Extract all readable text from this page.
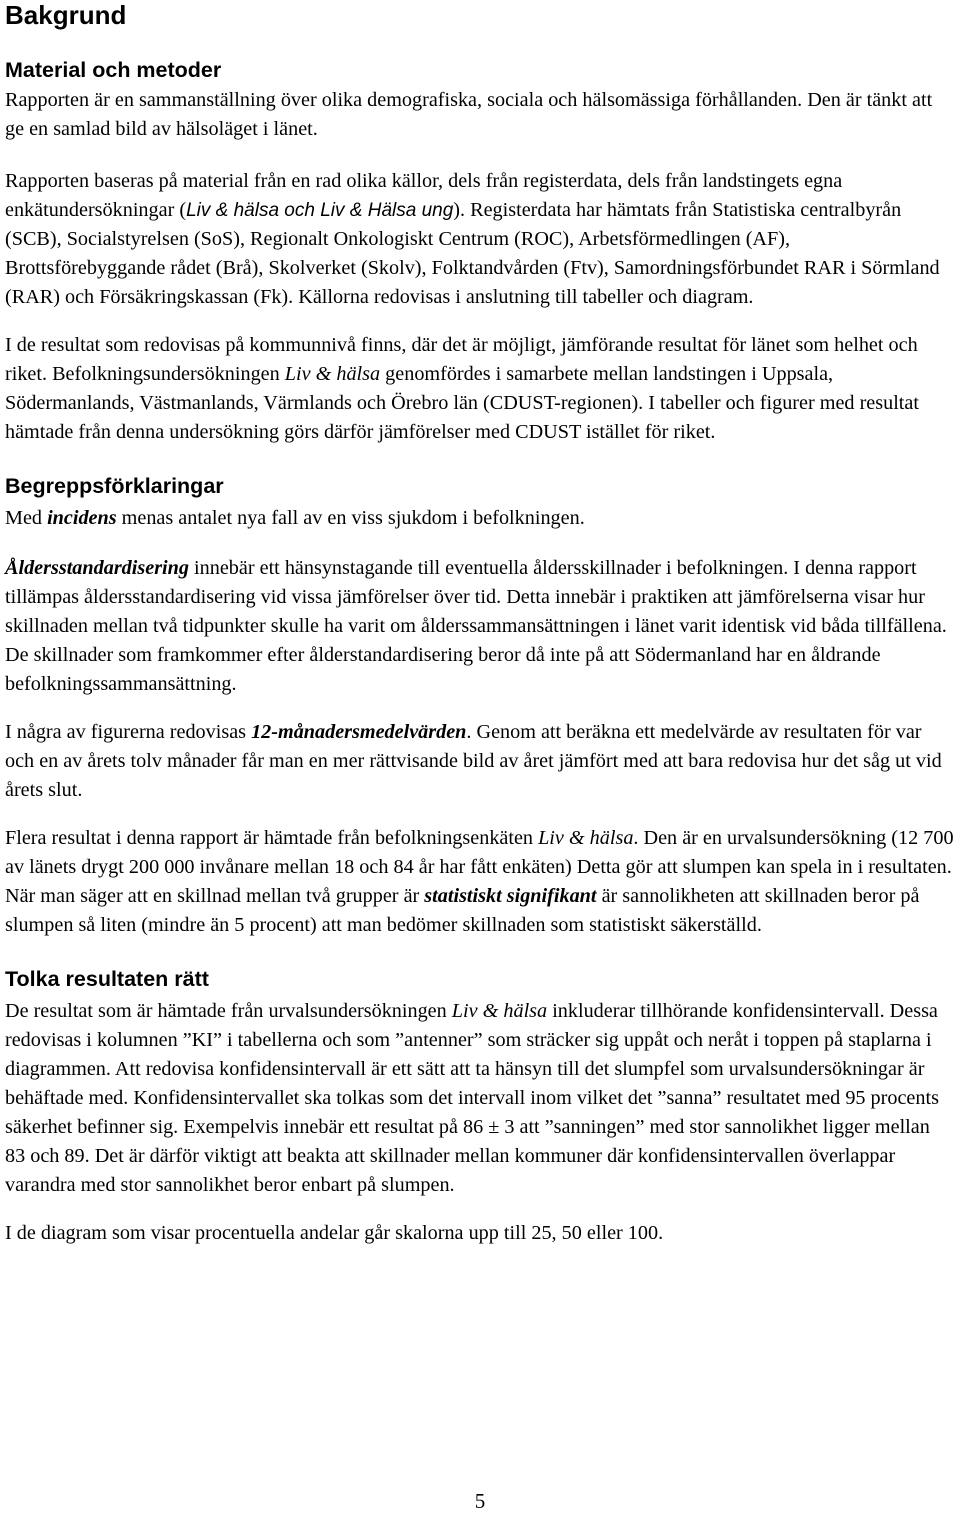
Bakgrund
Material och metoder

Rapporten är en sammanställning över olika demografiska, sociala och hälsomässiga förhållanden. Den är tänkt att ge en samlad bild av hälsoläget i länet.

Rapporten baseras på material från en rad olika källor, dels från registerdata, dels från landstingets egna enkätundersökningar (Liv & hälsa och Liv & Hälsa ung). Registerdata har hämtats från Statistiska centralbyrån (SCB), Socialstyrelsen (SoS), Regionalt Onkologiskt Centrum (ROC), Arbetsförmedlingen (AF), Brottsförebyggande rådet (Brå), Skolverket (Skolv), Folktandvården (Ftv), Samordningsförbundet RAR i Sörmland (RAR) och Försäkringskassan (Fk). Källorna redovisas i anslutning till tabeller och diagram.

I de resultat som redovisas på kommunnivå finns, där det är möjligt, jämförande resultat för länet som helhet och riket. Befolkningsundersökningen Liv & hälsa genomfördes i samarbete mellan landstingen i Uppsala, Södermanlands, Västmanlands, Värmlands och Örebro län (CDUST-regionen). I tabeller och figurer med resultat hämtade från denna undersökning görs därför jämförelser med CDUST istället för riket.

Begreppsförklaringar

Med incidens menas antalet nya fall av en viss sjukdom i befolkningen.

Åldersstandardisering innebär ett hänsynstagande till eventuella åldersskillnader i befolkningen. I denna rapport tillämpas åldersstandardisering vid vissa jämförelser över tid. Detta innebär i praktiken att jämförelserna visar hur skillnaden mellan två tidpunkter skulle ha varit om ålderssammansättningen i länet varit identisk vid båda tillfällena. De skillnader som framkommer efter ålderstandardisering beror då inte på att Södermanland har en åldrande befolkningssammansättning.

I några av figurerna redovisas 12-månadersmedelvärden. Genom att beräkna ett medelvärde av resultaten för var och en av årets tolv månader får man en mer rättvisande bild av året jämfört med att bara redovisa hur det såg ut vid årets slut.

Flera resultat i denna rapport är hämtade från befolkningsenkäten Liv & hälsa. Den är en urvalsundersökning (12 700 av länets drygt 200 000 invånare mellan 18 och 84 år har fått enkäten) Detta gör att slumpen kan spela in i resultaten. När man säger att en skillnad mellan två grupper är statistiskt signifikant är sannolikheten att skillnaden beror på slumpen så liten (mindre än 5 procent) att man bedömer skillnaden som statistiskt säkerställd.

Tolka resultaten rätt

De resultat som är hämtade från urvalsundersökningen Liv & hälsa inkluderar tillhörande konfidensintervall. Dessa redovisas i kolumnen ”KI” i tabellerna och som ”antenner” som sträcker sig uppåt och neråt i toppen på staplarna i diagrammen. Att redovisa konfidensintervall är ett sätt att ta hänsyn till det slumpfel som urvalsundersökningar är behäftade med. Konfidensintervallet ska tolkas som det intervall inom vilket det ”sanna” resultatet med 95 procents säkerhet befinner sig. Exempelvis innebär ett resultat på 86 ± 3 att ”sanningen” med stor sannolikhet ligger mellan 83 och 89. Det är därför viktigt att beakta att skillnader mellan kommuner där konfidensintervallen överlappar varandra med stor sannolikhet beror enbart på slumpen.

I de diagram som visar procentuella andelar går skalorna upp till 25, 50 eller 100.

5
